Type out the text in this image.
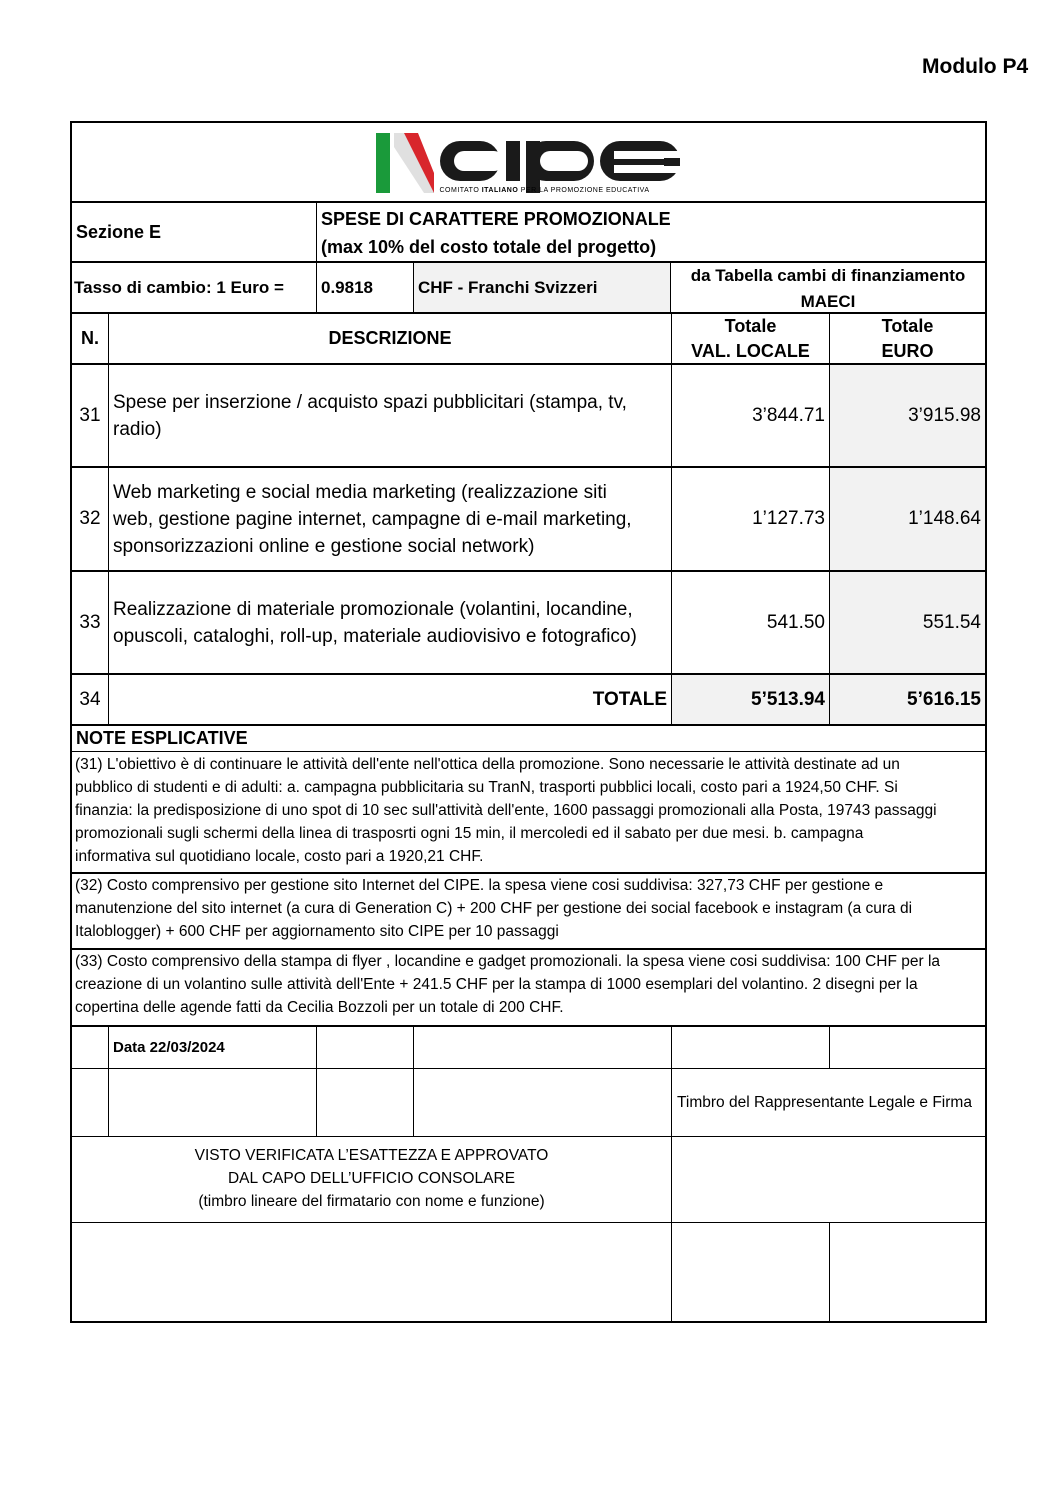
Modulo P4
COMITATO ITALIANO PER LA PROMOZIONE EDUCATIVA
Sezione E
SPESE DI CARATTERE PROMOZIONALE
(max 10% del costo totale del progetto)
Tasso di cambio: 1 Euro =	0.9818	CHF - Franchi Svizzeri
da Tabella cambi di finanziamento
MAECI
N.	DESCRIZIONE
Totale
VAL. LOCALE
Totale
EURO
31
Spese per inserzione / acquisto spazi pubblicitari (stampa, tv,
radio)
3’844.71	3’915.98
32
Web marketing e social media marketing (realizzazione siti
web, gestione pagine internet, campagne di e-mail marketing,
sponsorizzazioni online e gestione social network)
1’127.73	1’148.64
33
Realizzazione di materiale promozionale (volantini, locandine,
opuscoli, cataloghi, roll-up, materiale audiovisivo e fotografico)
541.50	551.54
34	TOTALE	5’513.94	5’616.15
NOTE ESPLICATIVE
(31) L'obiettivo è di continuare le attività dell'ente nell'ottica della promozione. Sono necessarie le attività destinate ad un
pubblico di studenti e di adulti: a. campagna pubblicitaria su TranN, trasporti pubblici locali, costo pari a 1924,50 CHF. Si
finanzia: la predisposizione di uno spot di 10 sec sull'attività dell'ente, 1600 passaggi promozionali alla Posta, 19743 passaggi
promozionali sugli schermi della linea di trasposrti ogni 15 min, il mercoledi ed il sabato per due mesi. b. campagna
informativa sul quotidiano locale, costo pari a 1920,21 CHF.
(32) Costo comprensivo per gestione sito Internet del CIPE. la spesa viene cosi suddivisa: 327,73 CHF per gestione e
manutenzione del sito internet (a cura di Generation C) + 200 CHF per gestione dei social facebook e instagram (a cura di
Italoblogger) + 600 CHF per aggiornamento sito CIPE per 10 passaggi
(33) Costo comprensivo della stampa di flyer , locandine e gadget promozionali. la spesa viene cosi suddivisa: 100 CHF per la
creazione di un volantino sulle attività dell'Ente + 241.5 CHF per la stampa di 1000 esemplari del volantino. 2 disegni per la
copertina delle agende fatti da Cecilia Bozzoli per un totale di 200 CHF.
Data 22/03/2024
Timbro del Rappresentante Legale e Firma
VISTO VERIFICATA L’ESATTEZZA E APPROVATO
DAL CAPO DELL’UFFICIO CONSOLARE
(timbro lineare del firmatario con nome e funzione)
